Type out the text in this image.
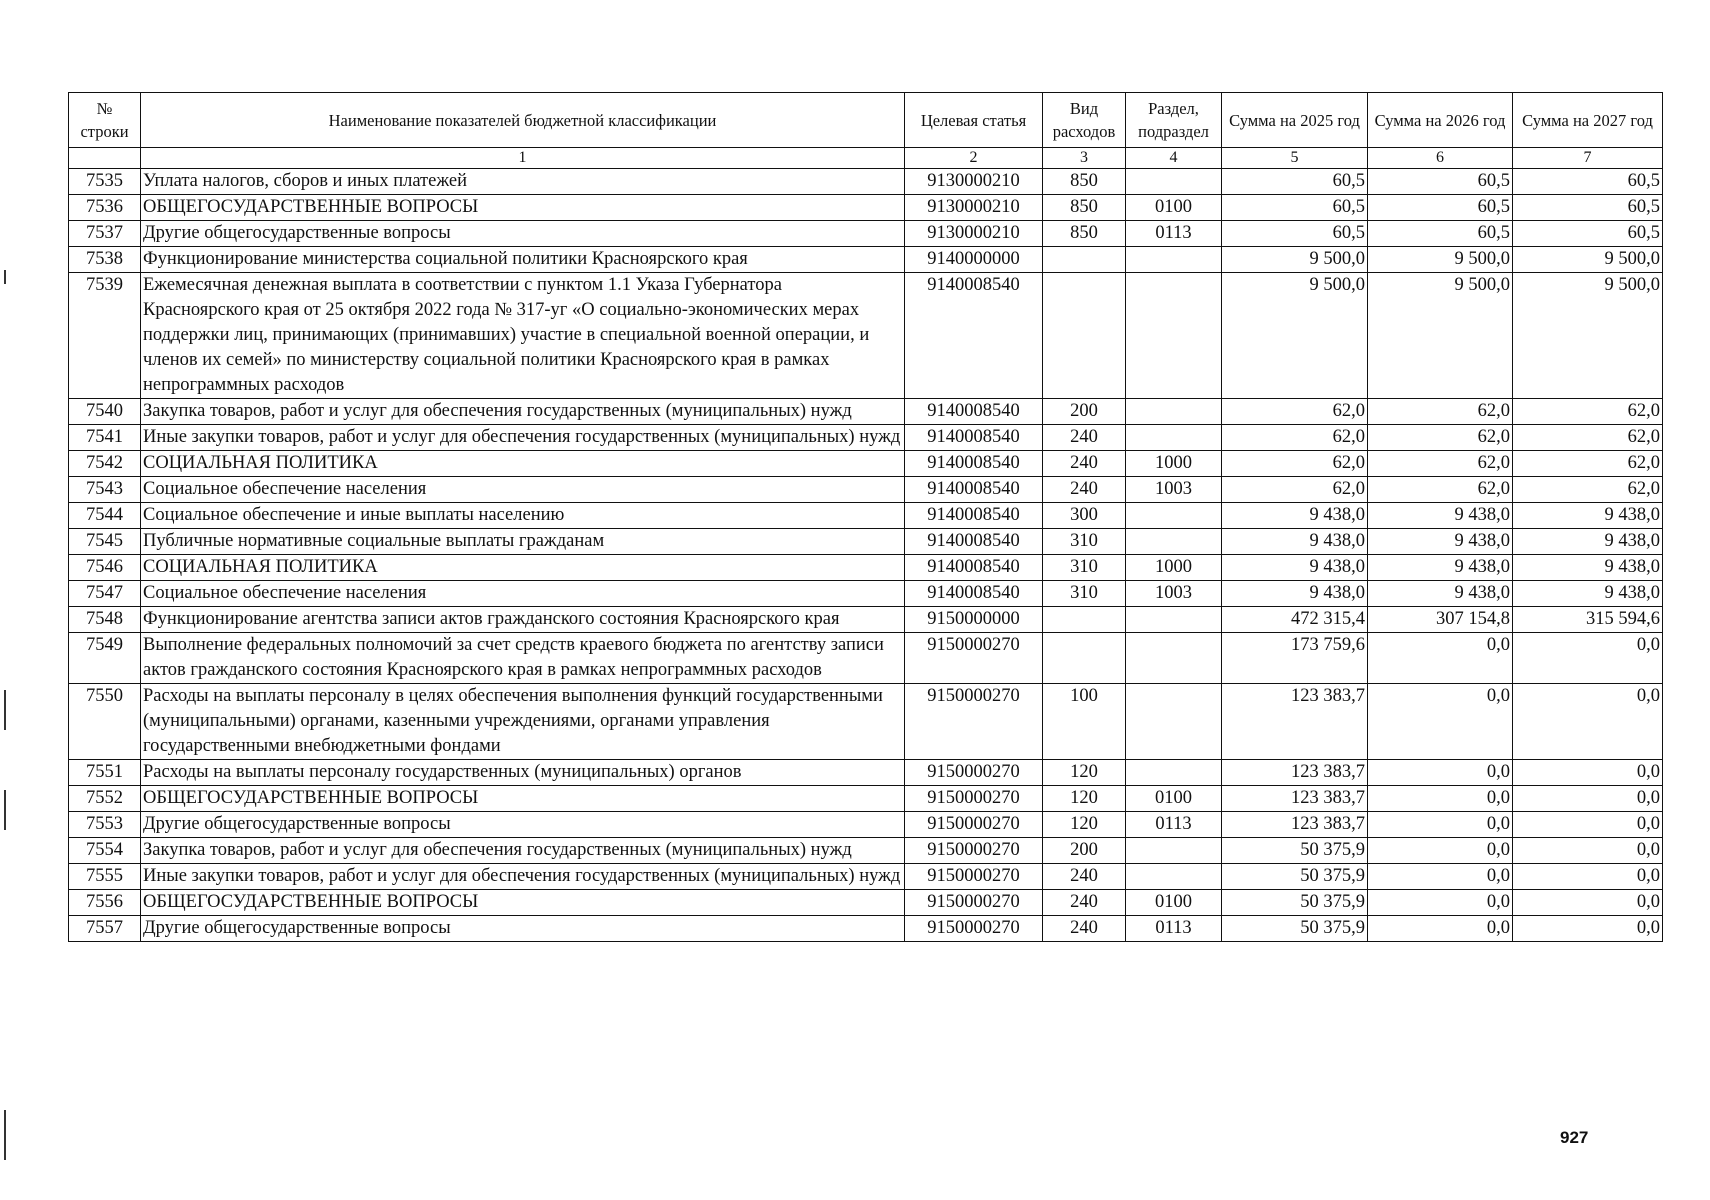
№ строки	Наименование показателей бюджетной классификации	Целевая статья	Вид расходов	Раздел, подраздел	Сумма на 2025 год	Сумма на 2026 год	Сумма на 2027 год
	1	2	3	4	5	6	7
7535	Уплата налогов, сборов и иных платежей	9130000210	850		60,5	60,5	60,5
7536	ОБЩЕГОСУДАРСТВЕННЫЕ ВОПРОСЫ	9130000210	850	0100	60,5	60,5	60,5
7537	Другие общегосударственные вопросы	9130000210	850	0113	60,5	60,5	60,5
7538	Функционирование министерства социальной политики Красноярского края	9140000000			9 500,0	9 500,0	9 500,0
7539	Ежемесячная денежная выплата в соответствии с пунктом 1.1 Указа Губернатора Красноярского края от 25 октября 2022 года № 317-уг «О социально-экономических мерах поддержки лиц, принимающих (принимавших) участие в специальной военной операции, и членов их семей» по министерству социальной политики Красноярского края в рамках непрограммных расходов	9140008540			9 500,0	9 500,0	9 500,0
7540	Закупка товаров, работ и услуг для обеспечения государственных (муниципальных) нужд	9140008540	200		62,0	62,0	62,0
7541	Иные закупки товаров, работ и услуг для обеспечения государственных (муниципальных) нужд	9140008540	240		62,0	62,0	62,0
7542	СОЦИАЛЬНАЯ ПОЛИТИКА	9140008540	240	1000	62,0	62,0	62,0
7543	Социальное обеспечение населения	9140008540	240	1003	62,0	62,0	62,0
7544	Социальное обеспечение и иные выплаты населению	9140008540	300		9 438,0	9 438,0	9 438,0
7545	Публичные нормативные социальные выплаты гражданам	9140008540	310		9 438,0	9 438,0	9 438,0
7546	СОЦИАЛЬНАЯ ПОЛИТИКА	9140008540	310	1000	9 438,0	9 438,0	9 438,0
7547	Социальное обеспечение населения	9140008540	310	1003	9 438,0	9 438,0	9 438,0
7548	Функционирование агентства записи актов гражданского состояния Красноярского края	9150000000			472 315,4	307 154,8	315 594,6
7549	Выполнение федеральных полномочий за счет средств краевого бюджета по агентству записи актов гражданского состояния Красноярского края в рамках непрограммных расходов	9150000270			173 759,6	0,0	0,0
7550	Расходы на выплаты персоналу в целях обеспечения выполнения функций государственными (муниципальными) органами, казенными учреждениями, органами управления государственными внебюджетными фондами	9150000270	100		123 383,7	0,0	0,0
7551	Расходы на выплаты персоналу государственных (муниципальных) органов	9150000270	120		123 383,7	0,0	0,0
7552	ОБЩЕГОСУДАРСТВЕННЫЕ ВОПРОСЫ	9150000270	120	0100	123 383,7	0,0	0,0
7553	Другие общегосударственные вопросы	9150000270	120	0113	123 383,7	0,0	0,0
7554	Закупка товаров, работ и услуг для обеспечения государственных (муниципальных) нужд	9150000270	200		50 375,9	0,0	0,0
7555	Иные закупки товаров, работ и услуг для обеспечения государственных (муниципальных) нужд	9150000270	240		50 375,9	0,0	0,0
7556	ОБЩЕГОСУДАРСТВЕННЫЕ ВОПРОСЫ	9150000270	240	0100	50 375,9	0,0	0,0
7557	Другие общегосударственные вопросы	9150000270	240	0113	50 375,9	0,0	0,0
927
